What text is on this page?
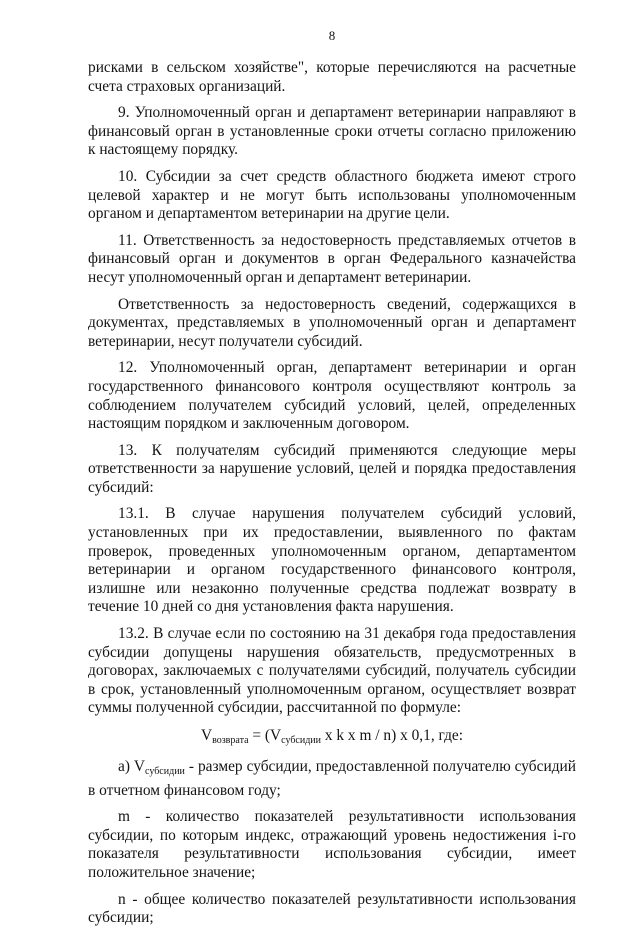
8

рисками в сельском хозяйстве", которые перечисляются на расчетные счета страховых организаций.

9. Уполномоченный орган и департамент ветеринарии направляют в финансовый орган в установленные сроки отчеты согласно приложению к настоящему порядку.

10. Субсидии за счет средств областного бюджета имеют строго целевой характер и не могут быть использованы уполномоченным органом и департаментом ветеринарии на другие цели.

11. Ответственность за недостоверность представляемых отчетов в финансовый орган и документов в орган Федерального казначейства несут уполномоченный орган и департамент ветеринарии.

Ответственность за недостоверность сведений, содержащихся в документах, представляемых в уполномоченный орган и департамент ветеринарии, несут получатели субсидий.

12. Уполномоченный орган, департамент ветеринарии и орган государственного финансового контроля осуществляют контроль за соблюдением получателем субсидий условий, целей, определенных настоящим порядком и заключенным договором.

13. К получателям субсидий применяются следующие меры ответственности за нарушение условий, целей и порядка предоставления субсидий:

13.1. В случае нарушения получателем субсидий условий, установленных при их предоставлении, выявленного по фактам проверок, проведенных уполномоченным органом, департаментом ветеринарии и органом государственного финансового контроля, излишне или незаконно полученные средства подлежат возврату в течение 10 дней со дня установления факта нарушения.

13.2. В случае если по состоянию на 31 декабря года предоставления субсидии допущены нарушения обязательств, предусмотренных в договорах, заключаемых с получателями субсидий, получатель субсидии в срок, установленный уполномоченным органом, осуществляет возврат суммы полученной субсидии, рассчитанной по формуле:

$V_{возврата} = (V_{субсидии}$ x k x m / n) x 0,1, где:

а) $V_{субсидии}$ - размер субсидии, предоставленной получателю субсидий в отчетном финансовом году;

m - количество показателей результативности использования субсидии, по которым индекс, отражающий уровень недостижения i-го показателя результативности использования субсидии, имеет положительное значение;

n - общее количество показателей результативности использования субсидии;
